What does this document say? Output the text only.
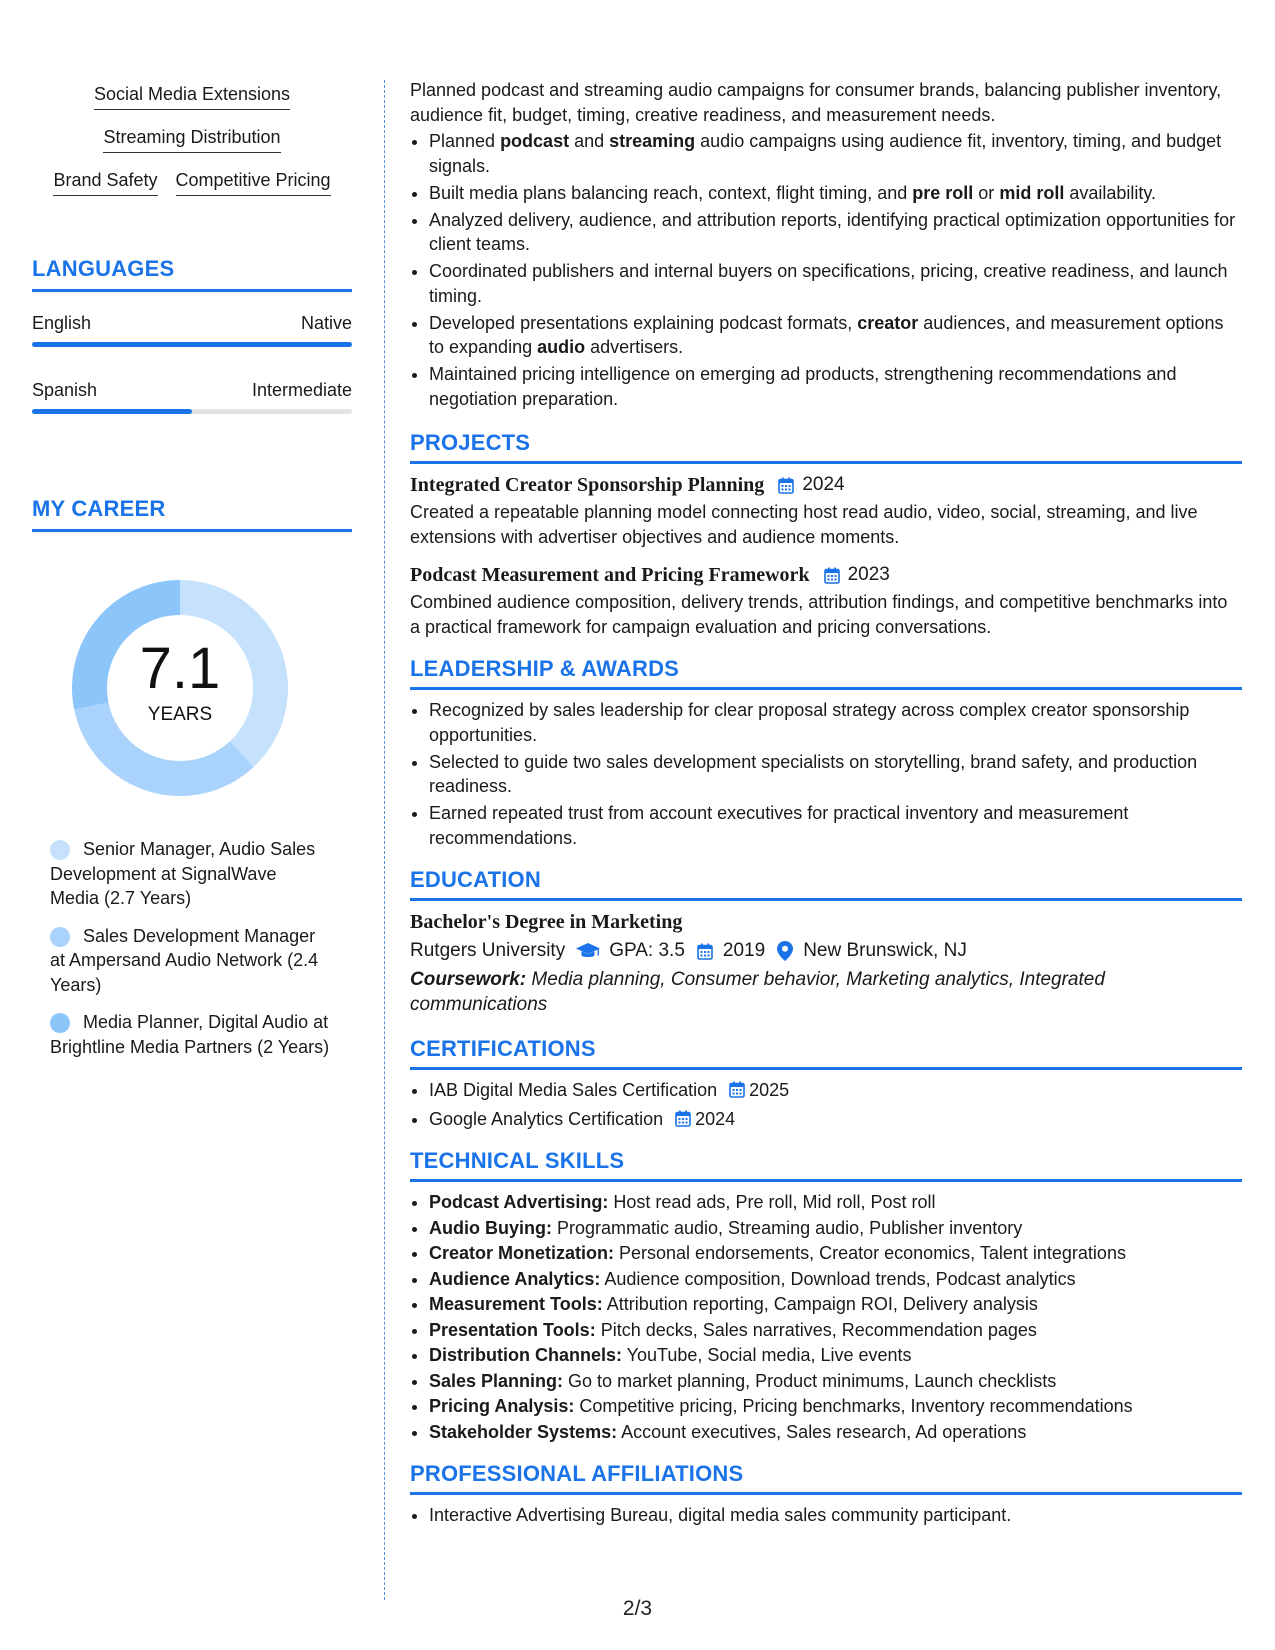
Social Media Extensions
Streaming Distribution
Brand Safety Competitive Pricing
LANGUAGES
English	Native
Spanish	Intermediate
MY CAREER
7.1
YEARS
Senior Manager, Audio Sales Development at SignalWave Media (2.7 Years)
Sales Development Manager at Ampersand Audio Network (2.4 Years)
Media Planner, Digital Audio at Brightline Media Partners (2 Years)

Planned podcast and streaming audio campaigns for consumer brands, balancing publisher inventory, audience fit, budget, timing, creative readiness, and measurement needs.

• Planned podcast and streaming audio campaigns using audience fit, inventory, timing, and budget signals.
• Built media plans balancing reach, context, flight timing, and pre roll or mid roll availability.
• Analyzed delivery, audience, and attribution reports, identifying practical optimization opportunities for client teams.
• Coordinated publishers and internal buyers on specifications, pricing, creative readiness, and launch timing.
• Developed presentations explaining podcast formats, creator audiences, and measurement options to expanding audio advertisers.
• Maintained pricing intelligence on emerging ad products, strengthening recommendations and negotiation preparation.
PROJECTS
Integrated Creator Sponsorship Planning 2024

Created a repeatable planning model connecting host read audio, video, social, streaming, and live extensions with advertiser objectives and audience moments.

Podcast Measurement and Pricing Framework 2023

Combined audience composition, delivery trends, attribution findings, and competitive benchmarks into a practical framework for campaign evaluation and pricing conversations.

LEADERSHIP & AWARDS
• Recognized by sales leadership for clear proposal strategy across complex creator sponsorship opportunities.
• Selected to guide two sales development specialists on storytelling, brand safety, and production readiness.
• Earned repeated trust from account executives for practical inventory and measurement recommendations.
EDUCATION
Bachelor's Degree in Marketing
Rutgers University GPA: 3.5 2019 New Brunswick, NJ
Coursework: Media planning, Consumer behavior, Marketing analytics, Integrated communications
CERTIFICATIONS
• IAB Digital Media Sales Certification 2025
• Google Analytics Certification 2024
TECHNICAL SKILLS
• Podcast Advertising: Host read ads, Pre roll, Mid roll, Post roll
• Audio Buying: Programmatic audio, Streaming audio, Publisher inventory
• Creator Monetization: Personal endorsements, Creator economics, Talent integrations
• Audience Analytics: Audience composition, Download trends, Podcast analytics
• Measurement Tools: Attribution reporting, Campaign ROI, Delivery analysis
• Presentation Tools: Pitch decks, Sales narratives, Recommendation pages
• Distribution Channels: YouTube, Social media, Live events
• Sales Planning: Go to market planning, Product minimums, Launch checklists
• Pricing Analysis: Competitive pricing, Pricing benchmarks, Inventory recommendations
• Stakeholder Systems: Account executives, Sales research, Ad operations
PROFESSIONAL AFFILIATIONS
• Interactive Advertising Bureau, digital media sales community participant.
2/3
